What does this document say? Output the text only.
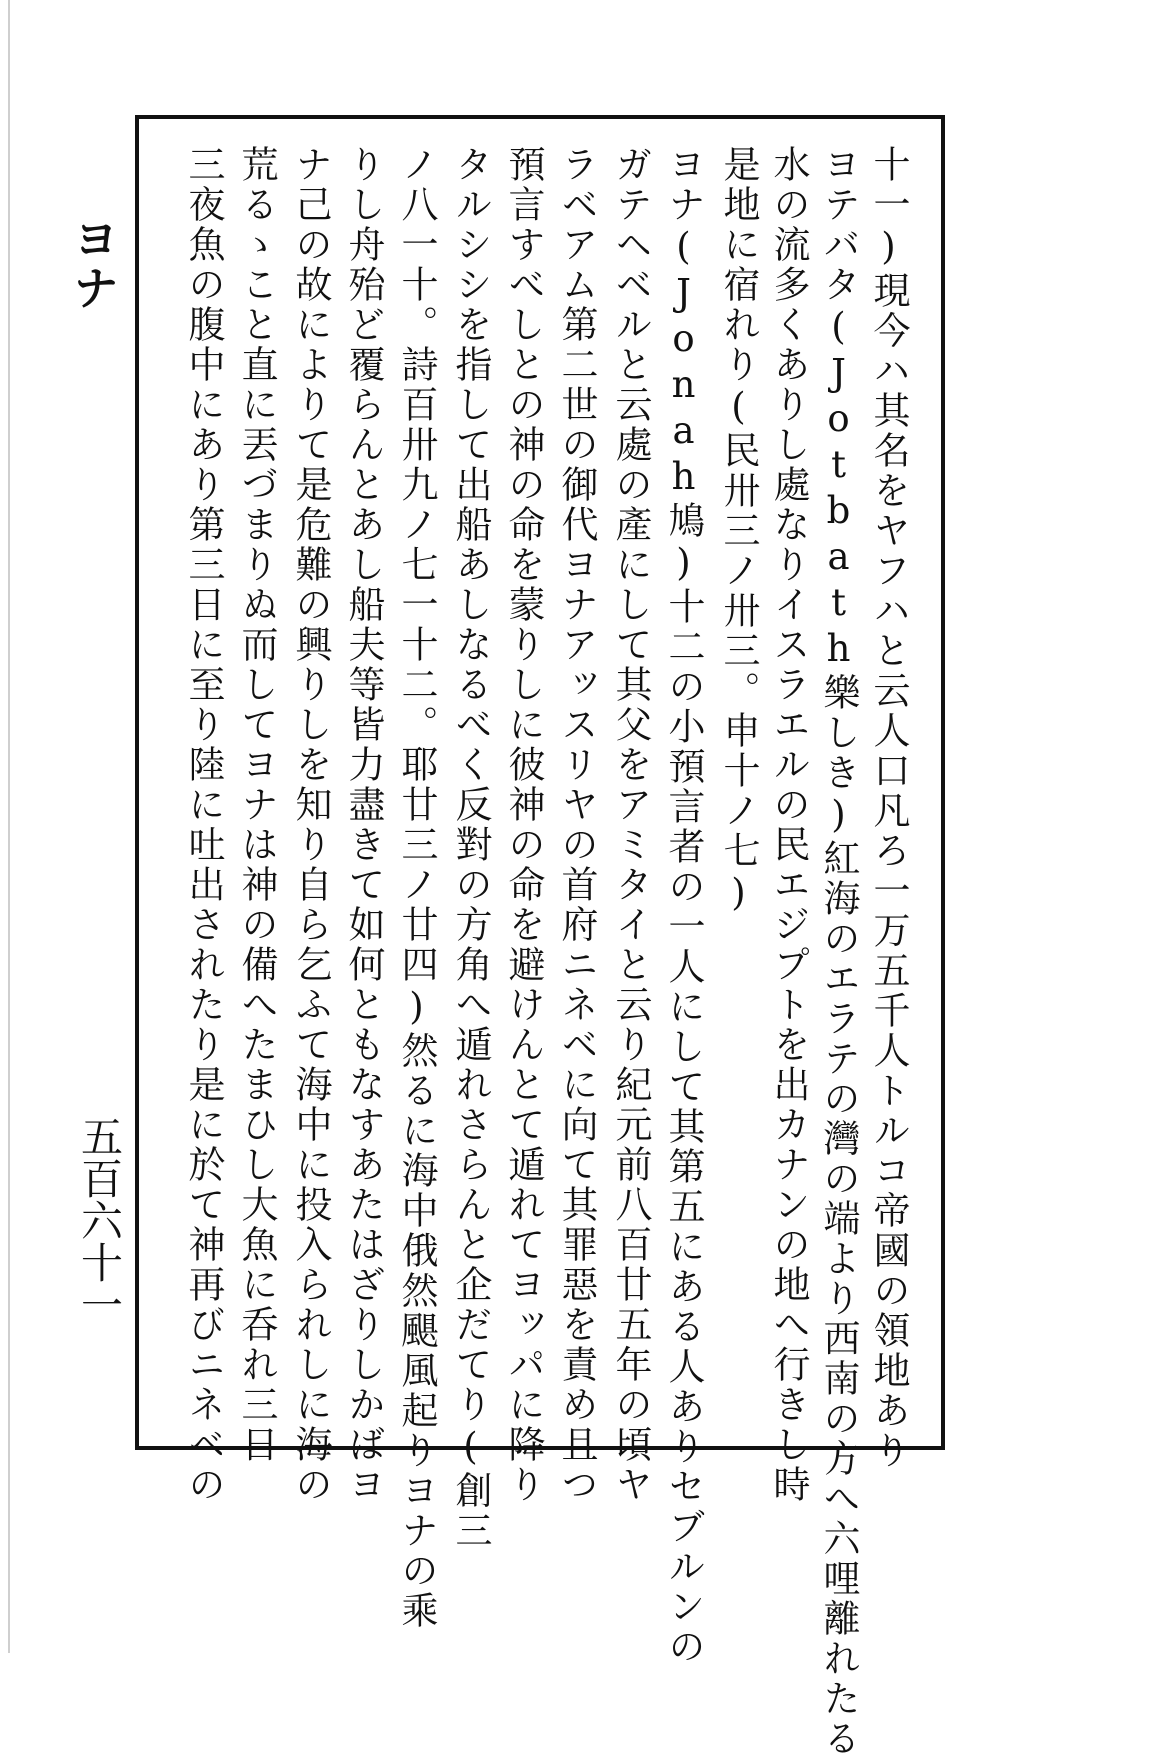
ヨナ
五百六十一	十一)現今ハ其名をヤフハと云人口凡ろ一万五千人トルコ帝國の領地あり
ヨテバタ(Jotbath樂しき)紅海のエラテの灣の端より西南の方へ六哩離れたる
水の流多くありし處なりイスラエルの民エジプトを出カナンの地へ行きし時
是地に宿れり(民卅三ノ卅三。申十ノ七)
ヨナ(Jonah鳩)十二の小預言者の一人にして其第五にある人ありセブルンの
ガテヘベルと云處の產にして其父をアミタイと云り紀元前八百廿五年の頃ヤ
ラベアム第二世の御代ヨナアッスリヤの首府ニネベに向て其罪惡を責め且つ
預言すべしとの神の命を蒙りしに彼神の命を避けんとて遁れてヨッパに降り
タルシシを指して出船あしなるべく反對の方角へ遁れさらんと企だてり(創三
ノ八一十。詩百卅九ノ七一十二。耶廿三ノ廿四)然るに海中俄然颶風起りヨナの乘
りし舟殆ど覆らんとあし船夫等皆力盡きて如何ともなすあたはざりしかばヨ
ナ己の故によりて是危難の興りしを知り自ら乞ふて海中に投入られしに海の
荒るゝこと直に丟づまりぬ而してヨナは神の備へたまひし大魚に呑れ三日
三夜魚の腹中にあり第三日に至り陸に吐出されたり是に於て神再びニネベの
